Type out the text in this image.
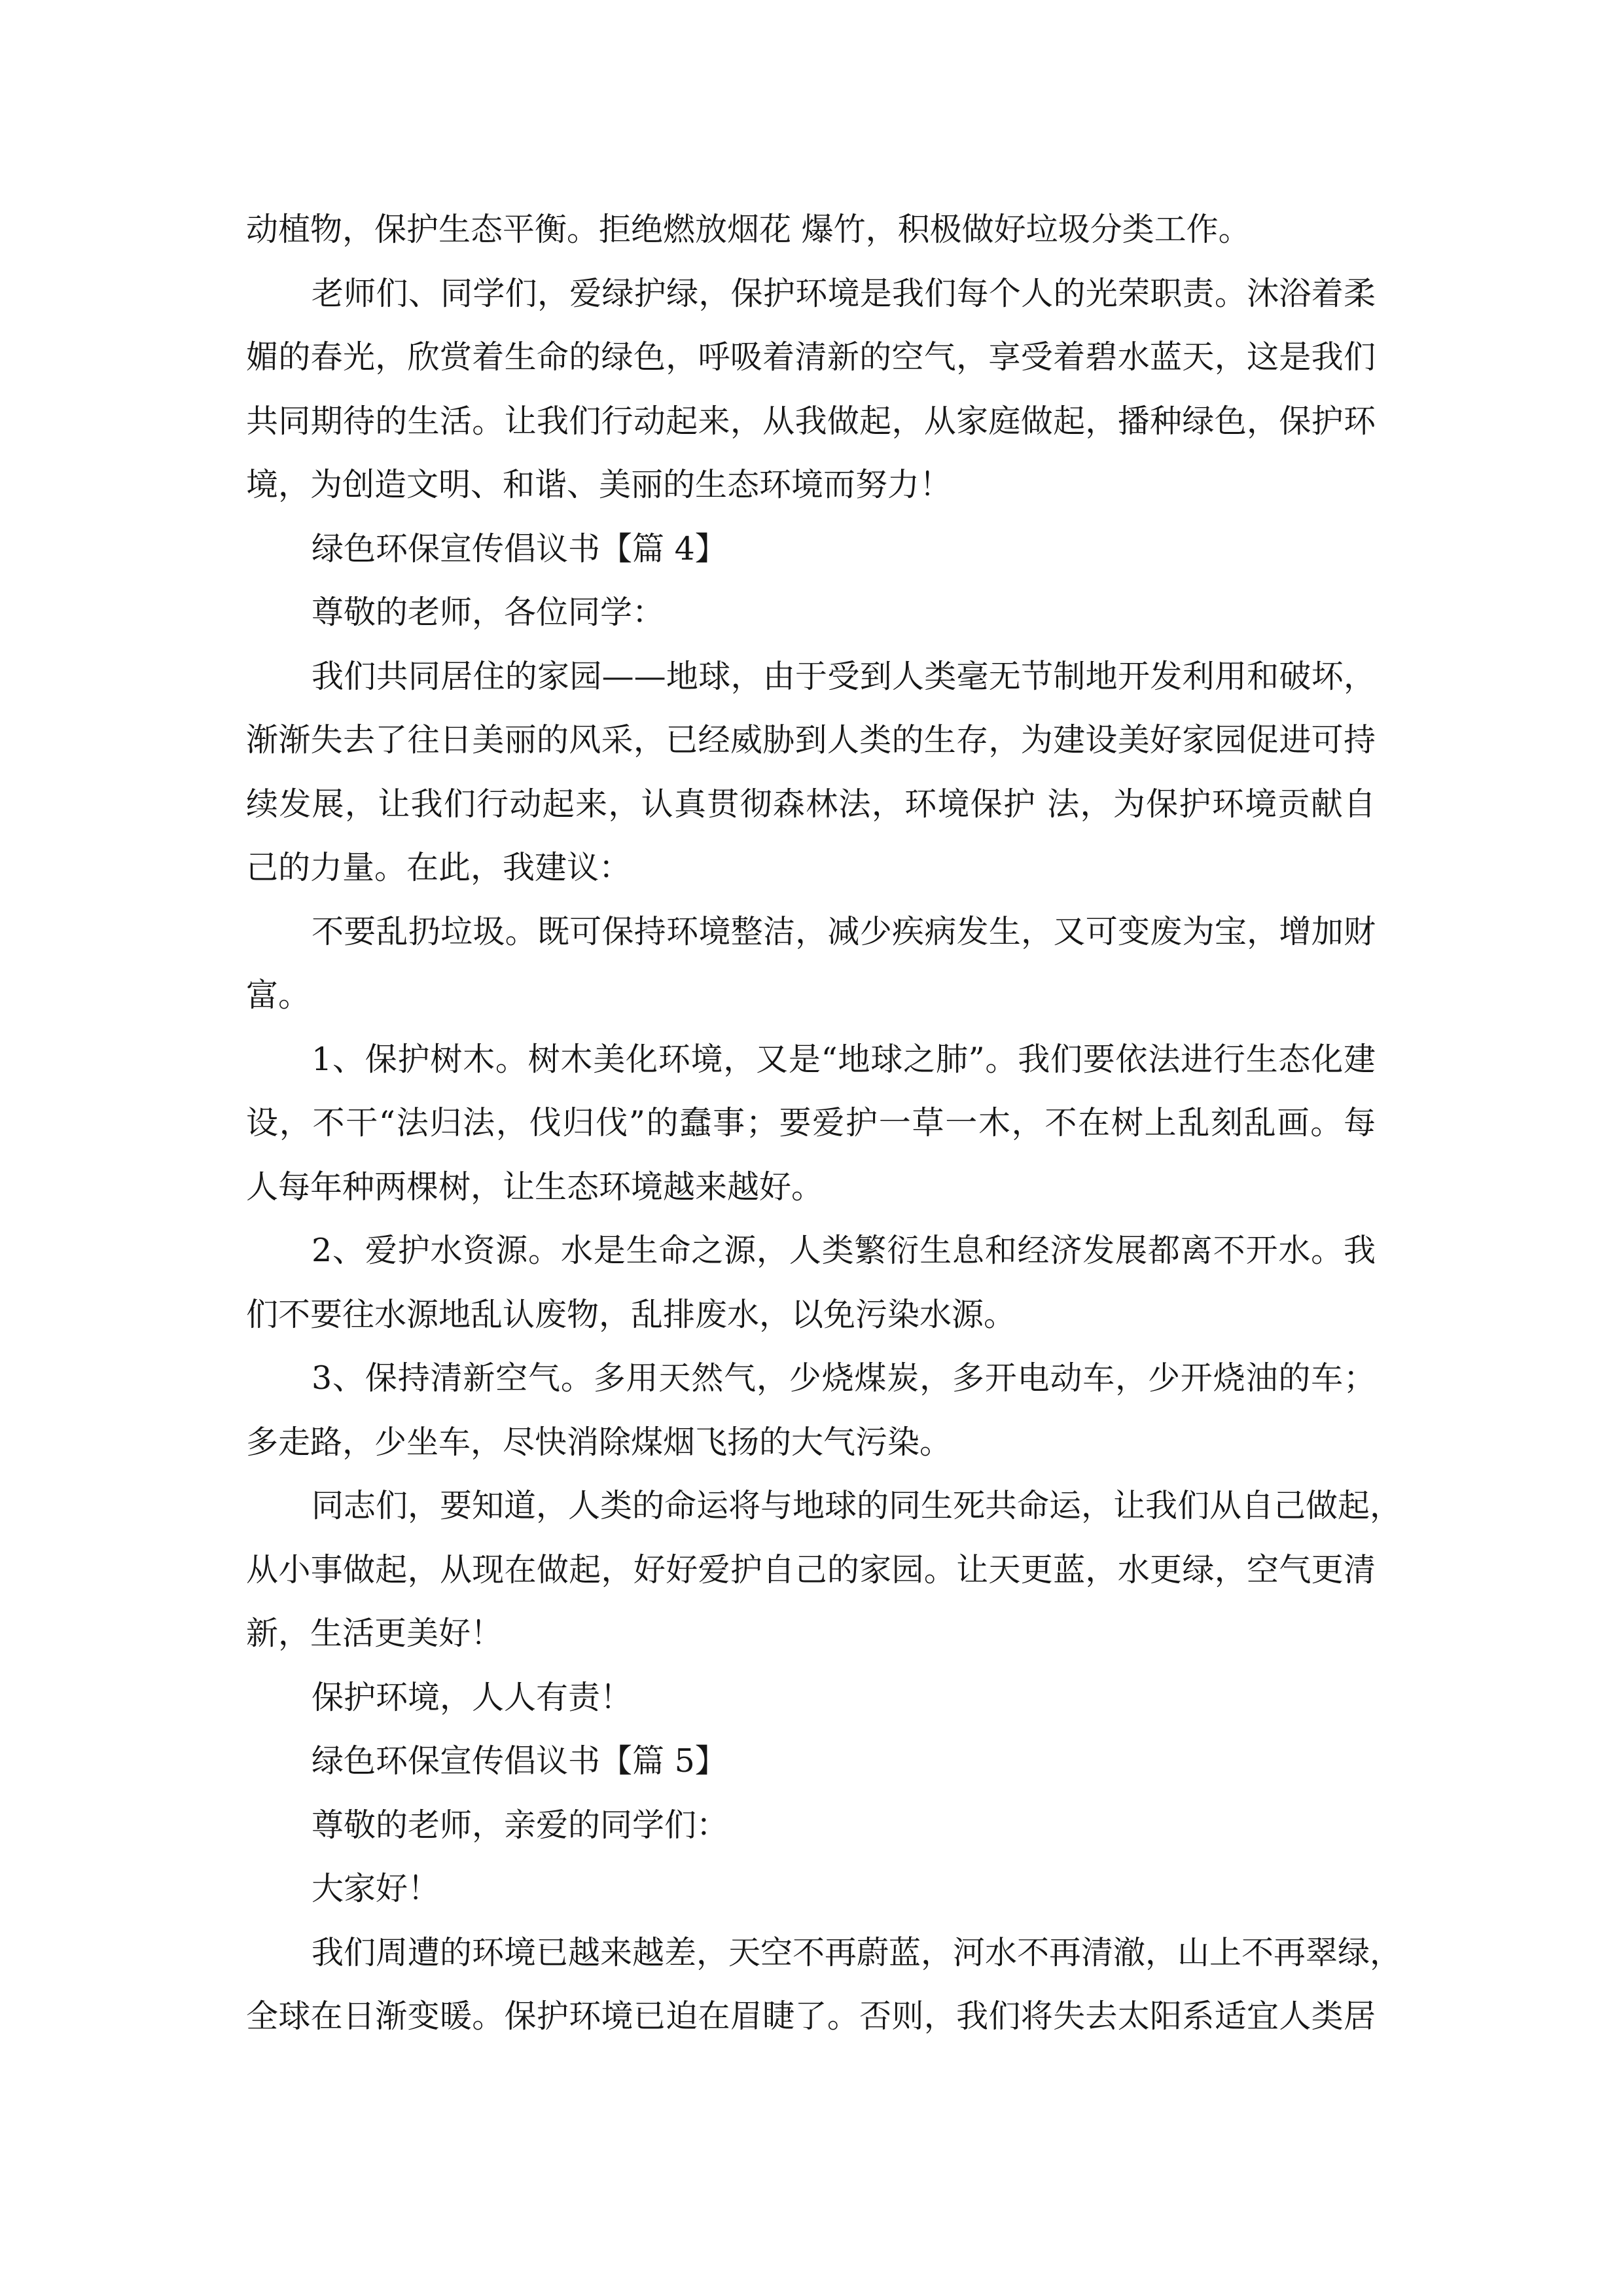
动植物，保护生态平衡。拒绝燃放烟花 爆竹，积极做好垃圾分类工作。
老师们、同学们，爱绿护绿，保护环境是我们每个人的光荣职责。沐浴着柔
媚的春光，欣赏着生命的绿色，呼吸着清新的空气，享受着碧水蓝天，这是我们
共同期待的生活。让我们行动起来，从我做起，从家庭做起，播种绿色，保护环
境，为创造文明、和谐、美丽的生态环境而努力！
绿色环保宣传倡议书【篇 4】
尊敬的老师，各位同学：
我们共同居住的家园——地球，由于受到人类毫无节制地开发利用和破坏，
渐渐失去了往日美丽的风采，已经威胁到人类的生存，为建设美好家园促进可持
续发展，让我们行动起来，认真贯彻森林法，环境保护 法，为保护环境贡献自
己的力量。在此，我建议：
不要乱扔垃圾。既可保持环境整洁，减少疾病发生，又可变废为宝，增加财
富。
1、保护树木。树木美化环境，又是“地球之肺”。我们要依法进行生态化建
设，不干“法归法，伐归伐”的蠢事；要爱护一草一木，不在树上乱刻乱画。每
人每年种两棵树，让生态环境越来越好。
2、爱护水资源。水是生命之源，人类繁衍生息和经济发展都离不开水。我
们不要往水源地乱认废物，乱排废水，以免污染水源。
3、保持清新空气。多用天然气，少烧煤炭，多开电动车，少开烧油的车；
多走路，少坐车，尽快消除煤烟飞扬的大气污染。
同志们，要知道，人类的命运将与地球的同生死共命运，让我们从自己做起，
从小事做起，从现在做起，好好爱护自己的家园。让天更蓝，水更绿，空气更清
新，生活更美好！
保护环境，人人有责！
绿色环保宣传倡议书【篇 5】
尊敬的老师，亲爱的同学们：
大家好！
我们周遭的环境已越来越差，天空不再蔚蓝，河水不再清澈，山上不再翠绿，
全球在日渐变暖。保护环境已迫在眉睫了。否则，我们将失去太阳系适宜人类居
